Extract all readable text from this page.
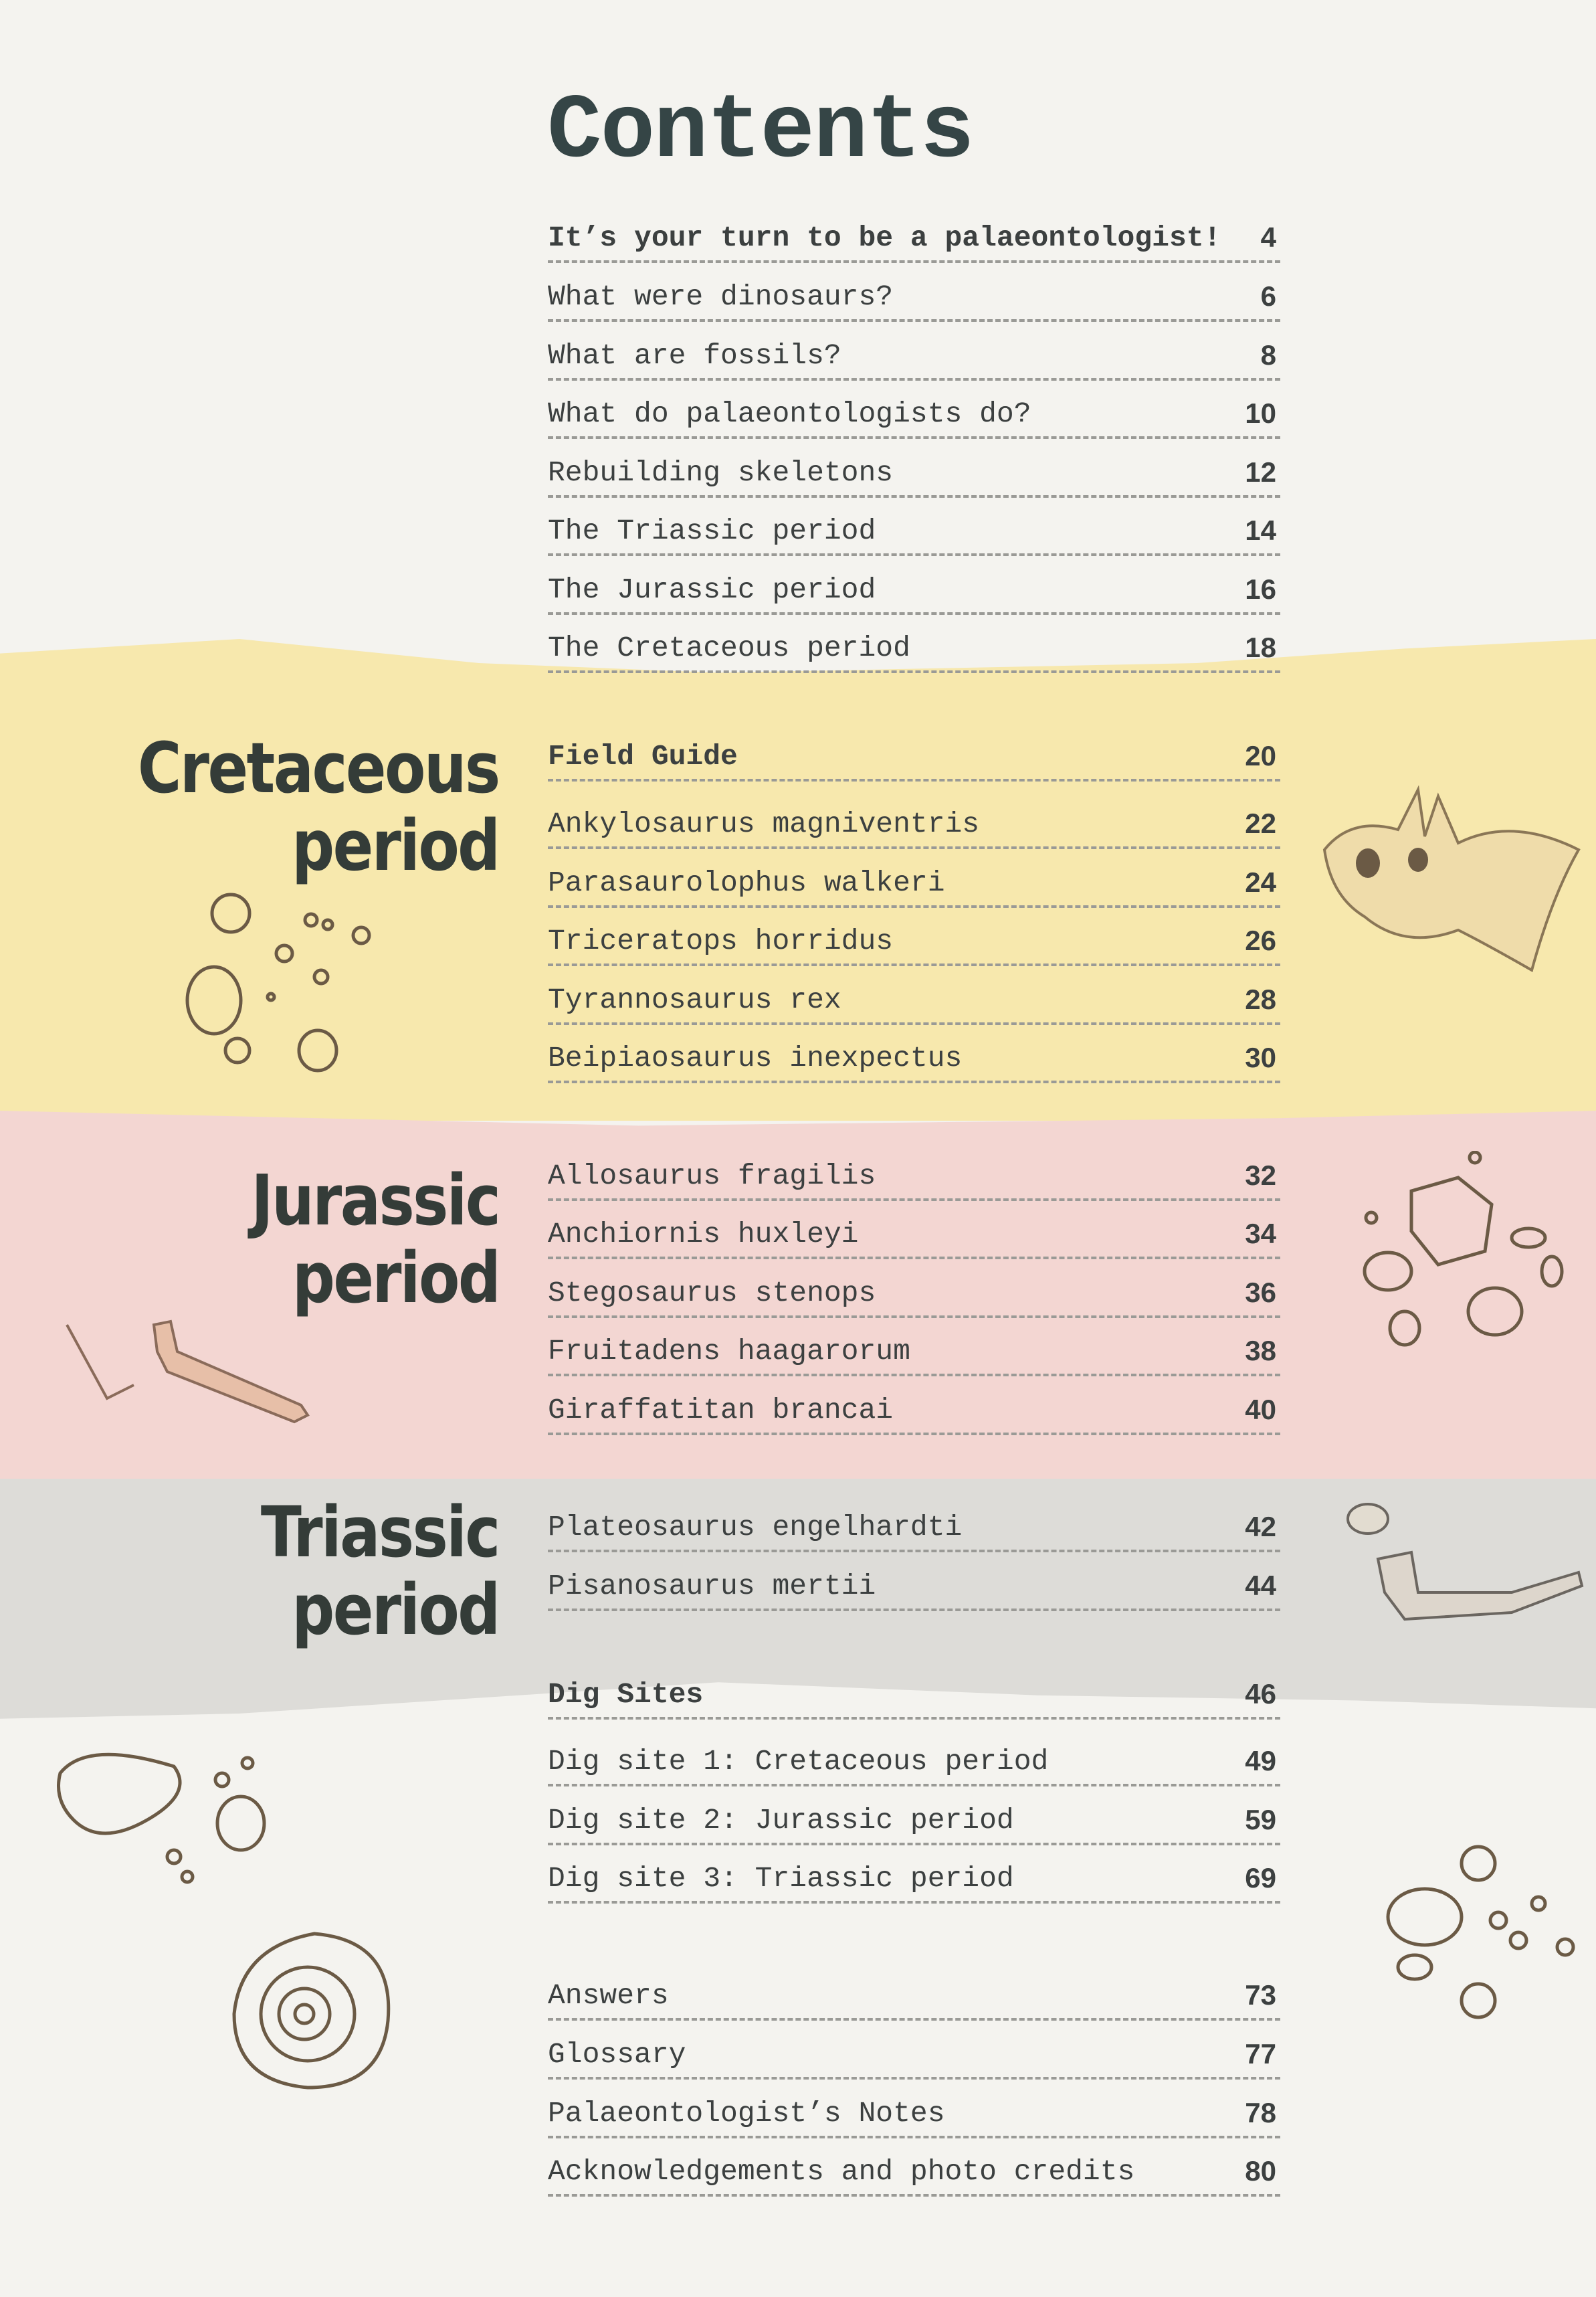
Contents
Cretaceous
period
Jurassic
period
Triassic
period
It’s your turn to be a palaeontologist! 4
What were dinosaurs?	6
What are fossils?	8
What do palaeontologists do?	10
Rebuilding skeletons	12
The Triassic period	14
The Jurassic period	16
The Cretaceous period	18
Field Guide	20
Ankylosaurus magniventris	22
Parasaurolophus walkeri	24
Triceratops horridus	26
Tyrannosaurus rex	28
Beipiaosaurus inexpectus	30
Allosaurus fragilis	32
Anchiornis huxleyi	34
Stegosaurus stenops	36
Fruitadens haagarorum	38
Giraffatitan brancai	40
Plateosaurus engelhardti	42
Pisanosaurus mertii	44
Dig Sites	46
Dig site 1: Cretaceous period	49
Dig site 2: Jurassic period	59
Dig site 3: Triassic period	69
Answers	73
Glossary	77
Palaeontologist’s Notes	78
Acknowledgements and photo credits	80
